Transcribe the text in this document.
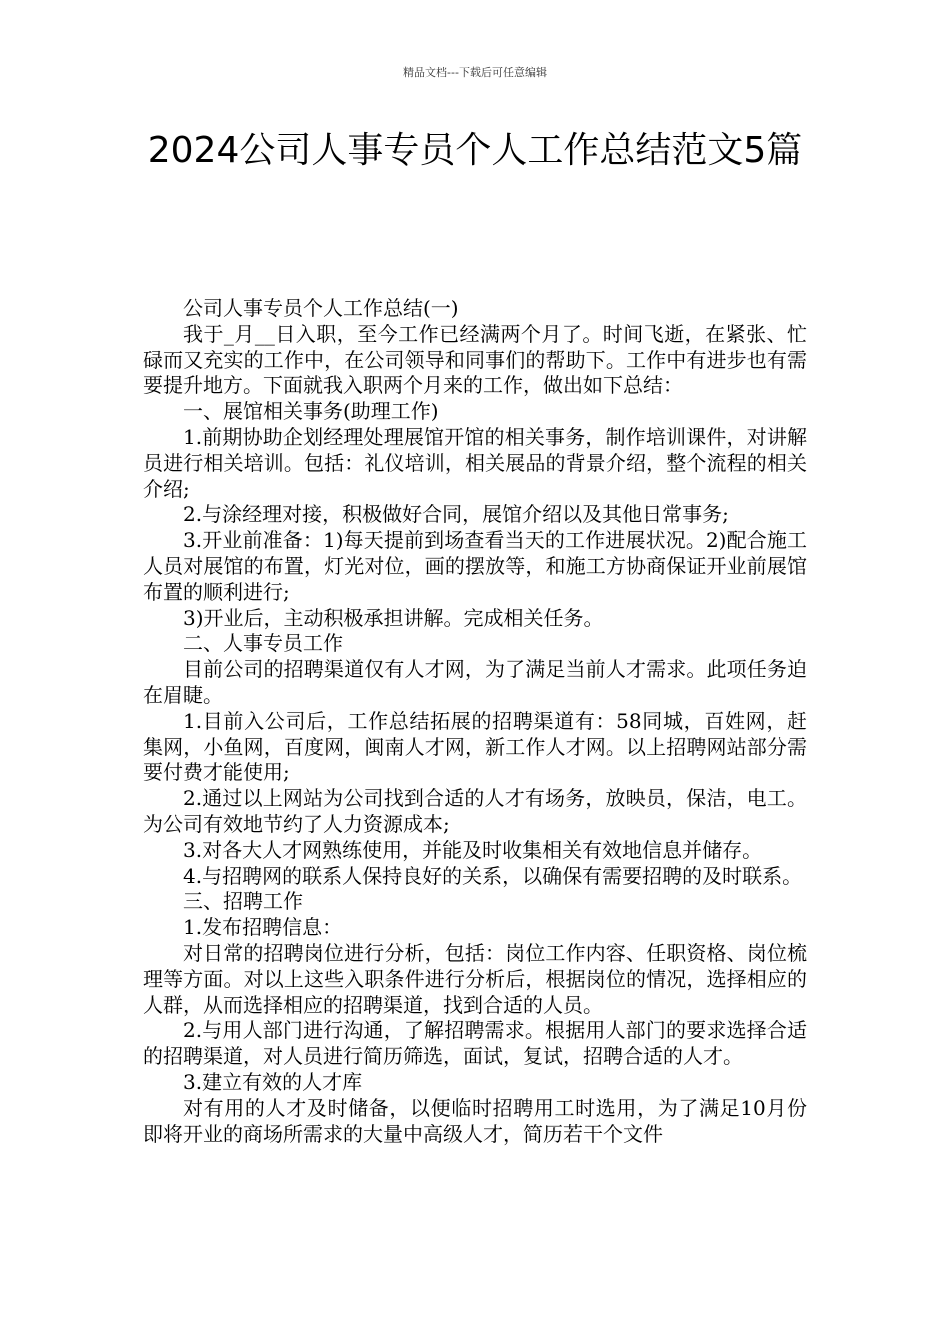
精品文档---下载后可任意编辑
2024公司人事专员个人工作总结范文5篇

公司人事专员个人工作总结(一)

我于_月__日入职，至今工作已经满两个月了。时间飞逝，在紧张、忙碌而又充实的工作中，在公司领导和同事们的帮助下。工作中有进步也有需要提升地方。下面就我入职两个月来的工作，做出如下总结：

一、展馆相关事务(助理工作)

1.前期协助企划经理处理展馆开馆的相关事务，制作培训课件，对讲解员进行相关培训。包括：礼仪培训，相关展品的背景介绍，整个流程的相关介绍;

2.与涂经理对接，积极做好合同，展馆介绍以及其他日常事务;

3.开业前准备：1)每天提前到场查看当天的工作进展状况。2)配合施工人员对展馆的布置，灯光对位，画的摆放等，和施工方协商保证开业前展馆布置的顺利进行;

3)开业后，主动积极承担讲解。完成相关任务。

二、人事专员工作

目前公司的招聘渠道仅有人才网，为了满足当前人才需求。此项任务迫在眉睫。

1.目前入公司后，工作总结拓展的招聘渠道有：58同城，百姓网，赶集网，小鱼网，百度网，闽南人才网，新工作人才网。以上招聘网站部分需要付费才能使用;

2.通过以上网站为公司找到合适的人才有场务，放映员，保洁，电工。为公司有效地节约了人力资源成本;

3.对各大人才网熟练使用，并能及时收集相关有效地信息并储存。

4.与招聘网的联系人保持良好的关系，以确保有需要招聘的及时联系。

三、招聘工作

1.发布招聘信息：

对日常的招聘岗位进行分析，包括：岗位工作内容、任职资格、岗位梳理等方面。对以上这些入职条件进行分析后，根据岗位的情况，选择相应的人群，从而选择相应的招聘渠道，找到合适的人员。

2.与用人部门进行沟通，了解招聘需求。根据用人部门的要求选择合适的招聘渠道，对人员进行简历筛选，面试，复试，招聘合适的人才。

3.建立有效的人才库

对有用的人才及时储备，以便临时招聘用工时选用，为了满足10月份即将开业的商场所需求的大量中高级人才，简历若干个文件
